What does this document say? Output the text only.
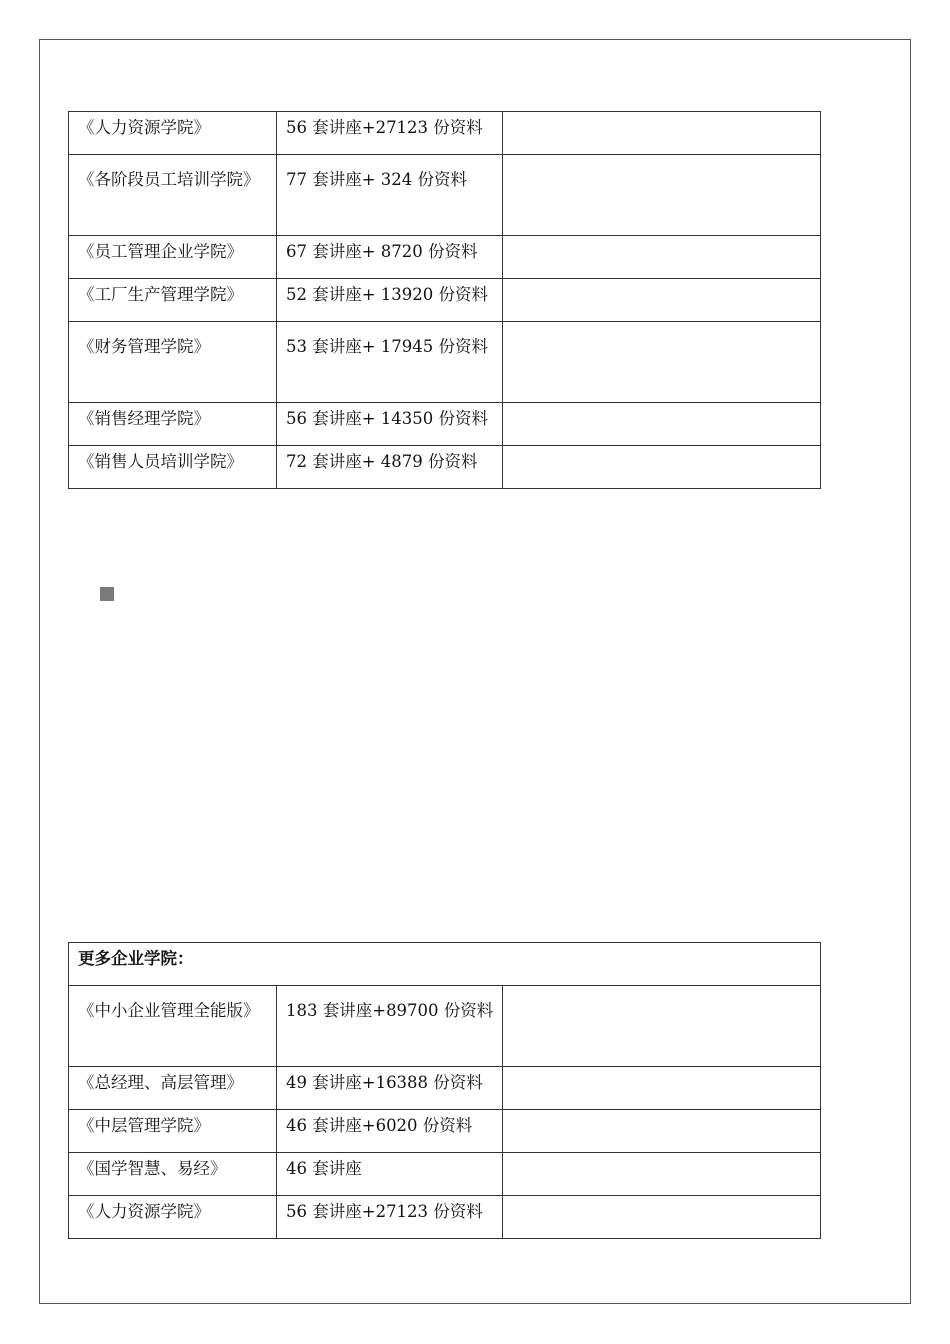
《人力资源学院》	56 套讲座+27123 份资料	
《各阶段员工培训学院》	77 套讲座+ 324 份资料	
《员工管理企业学院》	67 套讲座+ 8720 份资料	
《工厂生产管理学院》	52 套讲座+ 13920 份资料	
《财务管理学院》	53 套讲座+ 17945 份资料	
《销售经理学院》	56 套讲座+ 14350 份资料	
《销售人员培训学院》	72 套讲座+ 4879 份资料	
更多企业学院：		
《中小企业管理全能版》	183 套讲座+89700 份资料	
《总经理、高层管理》	49 套讲座+16388 份资料	
《中层管理学院》	46 套讲座+6020 份资料	
《国学智慧、易经》	46 套讲座	
《人力资源学院》	56 套讲座+27123 份资料	
